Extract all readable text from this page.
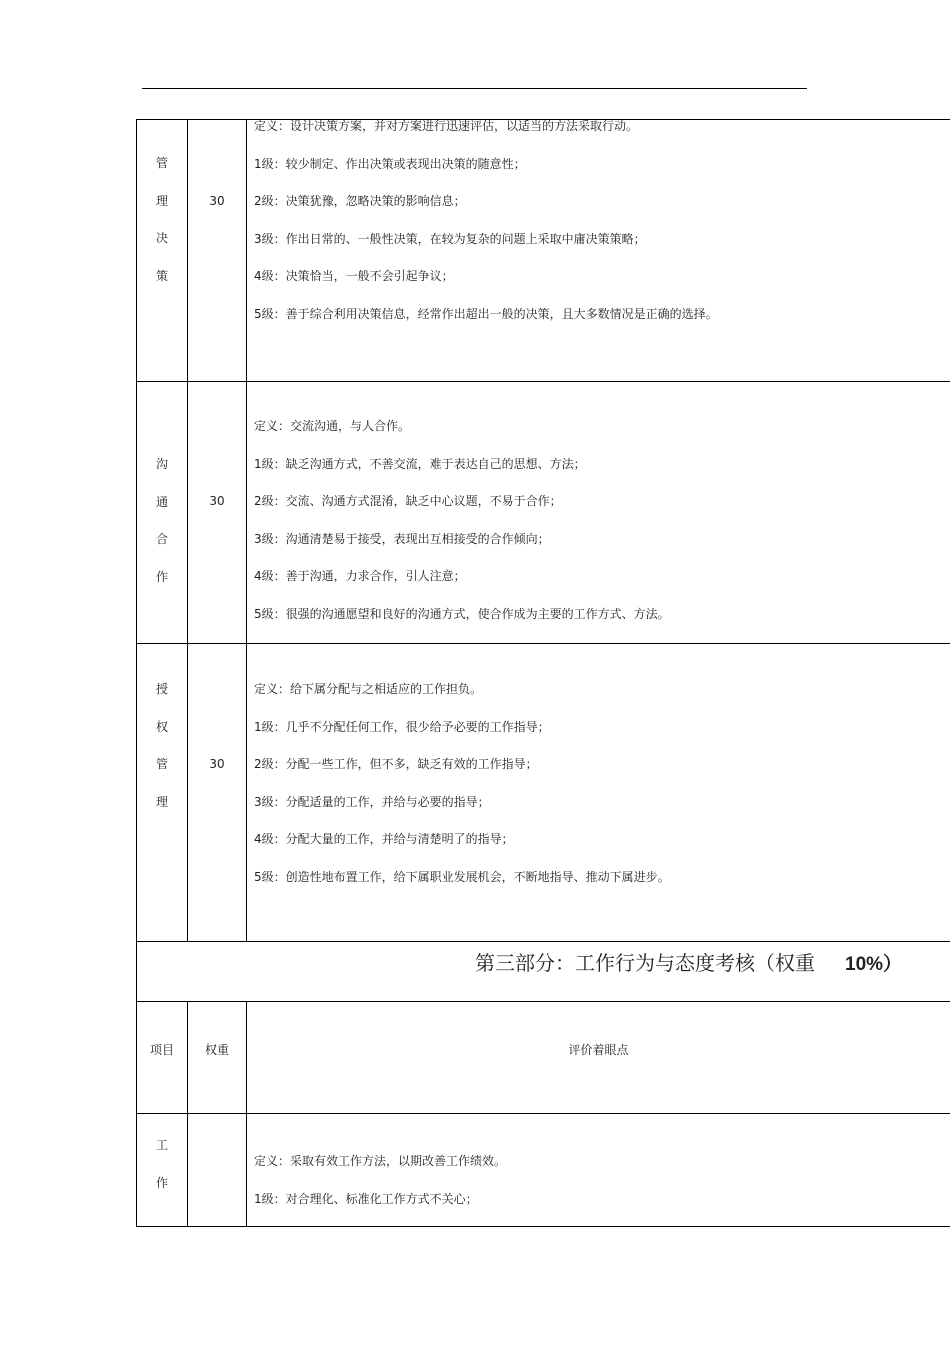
管
理
决
策
30
定义：设计决策方案，并对方案进行迅速评估，以适当的方法采取行动。
1级：较少制定、作出决策或表现出决策的随意性；
2级：决策犹豫，忽略决策的影响信息；
3级：作出日常的、一般性决策，在较为复杂的问题上采取中庸决策策略；
4级：决策恰当，一般不会引起争议；
5级：善于综合利用决策信息，经常作出超出一般的决策，且大多数情况是正确的选择。
沟
通
合
作
30
定义：交流沟通，与人合作。
1级：缺乏沟通方式，不善交流，难于表达自己的思想、方法；
2级：交流、沟通方式混淆，缺乏中心议题，不易于合作；
3级：沟通清楚易于接受，表现出互相接受的合作倾向；
4级：善于沟通，力求合作，引人注意；
5级：很强的沟通愿望和良好的沟通方式，使合作成为主要的工作方式、方法。
授
权
管
理
30
定义：给下属分配与之相适应的工作担负。
1级：几乎不分配任何工作，很少给予必要的工作指导；
2级：分配一些工作，但不多，缺乏有效的工作指导；
3级：分配适量的工作，并给与必要的指导；
4级：分配大量的工作，并给与清楚明了的指导；
5级：创造性地布置工作，给下属职业发展机会，不断地指导、推动下属进步。
第三部分：工作行为与态度考核（权重 10%）
项目	权重	评价着眼点
工
作
定义：采取有效工作方法，以期改善工作绩效。
1级：对合理化、标准化工作方式不关心；
